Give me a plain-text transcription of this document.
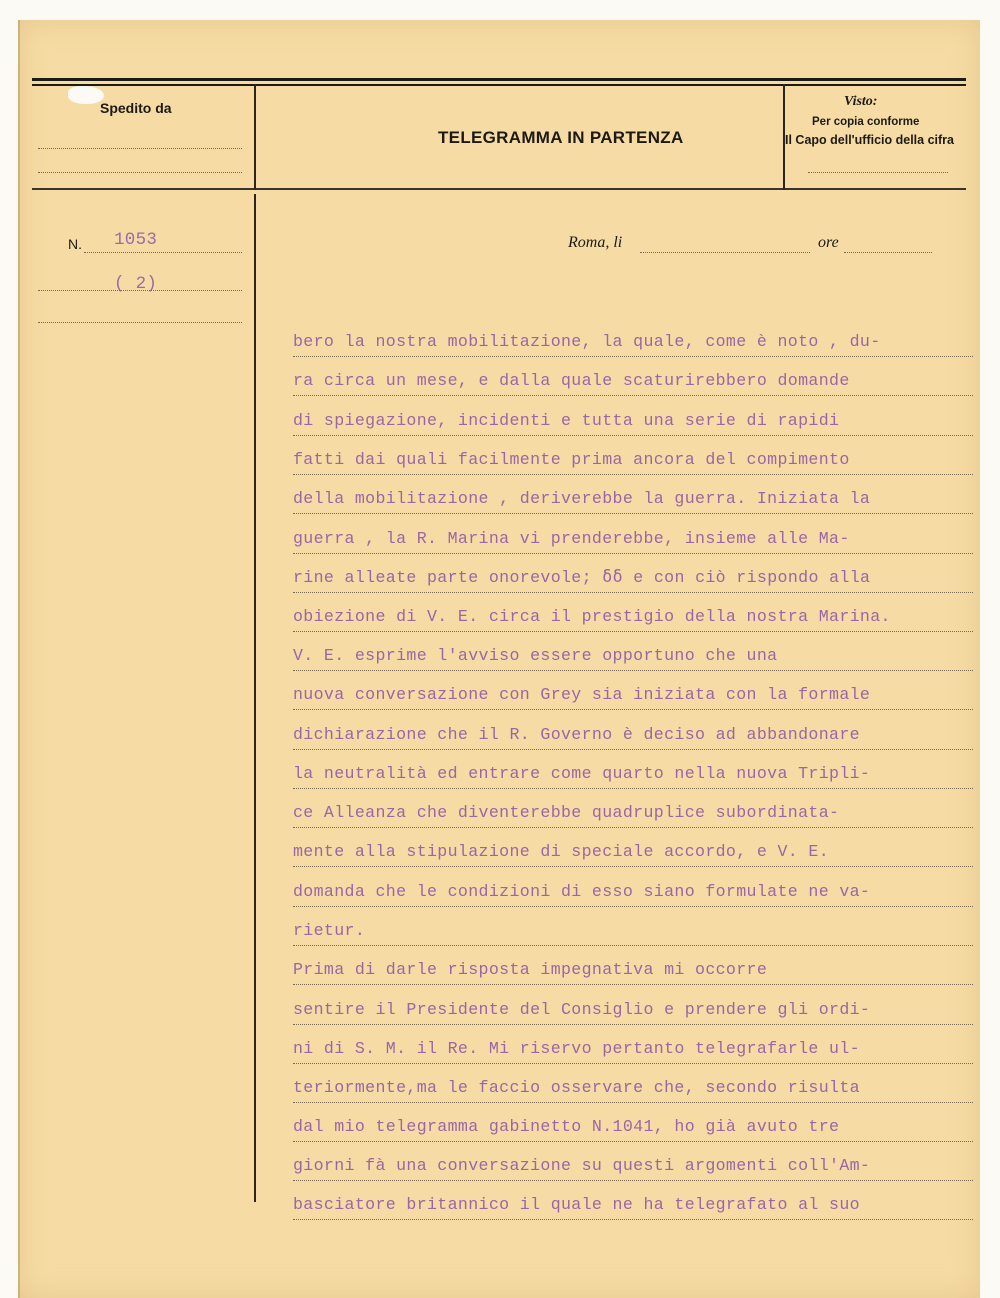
Spedito da
TELEGRAMMA IN PARTENZA
Visto:
Per copia conforme
Il Capo dell'ufficio della cifra
N. 1053
( 2)
Roma, li	ore
bero la nostra mobilitazione, la quale, come è noto , du-
ra circa un mese, e dalla quale scaturirebbero domande
di spiegazione, incidenti e tutta una serie di rapidi
fatti dai quali facilmente prima ancora del compimento
della mobilitazione , deriverebbe la guerra. Iniziata la
guerra , la R. Marina vi prenderebbe, insieme alle Ma-
rine alleate parte onorevole; ẟẟ e con ciò rispondo alla
obiezione di V. E. circa il prestigio della nostra Marina.
V. E. esprime l'avviso essere opportuno che una
nuova conversazione con Grey sia iniziata con la formale
dichiarazione che il R. Governo è deciso ad abbandonare
la neutralità ed entrare come quarto nella nuova Tripli-
ce Alleanza che diventerebbe quadruplice subordinata-
mente alla stipulazione di speciale accordo, e V. E.
domanda che le condizioni di esso siano formulate ne va-
rietur.
Prima di darle risposta impegnativa mi occorre
sentire il Presidente del Consiglio e prendere gli ordi-
ni di S. M. il Re. Mi riservo pertanto telegrafarle ul-
teriormente,ma le faccio osservare che, secondo risulta
dal mio telegramma gabinetto N.1041, ho già avuto tre
giorni fà una conversazione su questi argomenti coll'Am-
basciatore britannico il quale ne ha telegrafato al suo
